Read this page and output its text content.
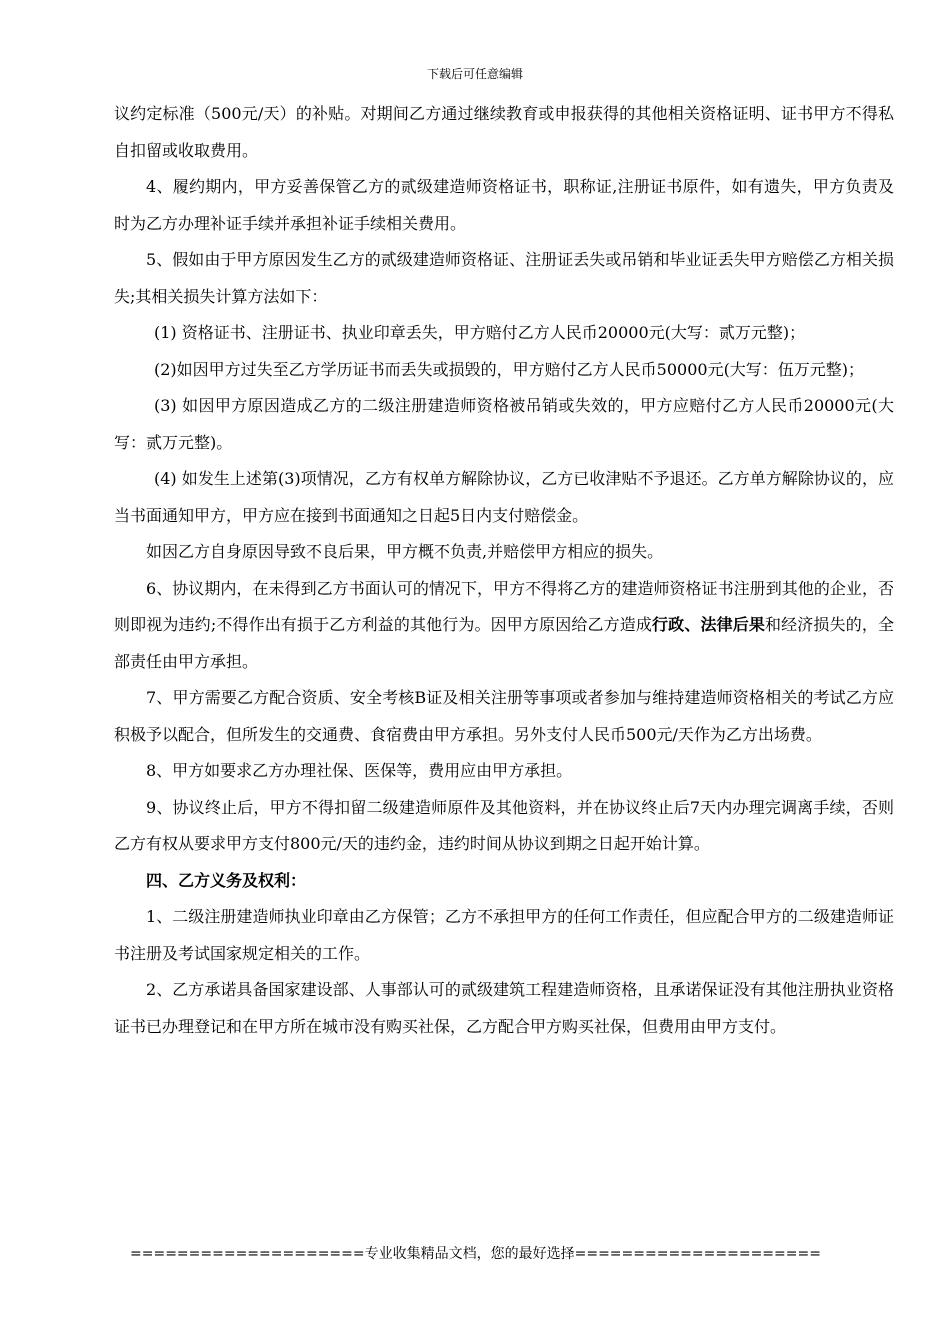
下载后可任意编辑

议约定标准（500元/天）的补贴。对期间乙方通过继续教育或申报获得的其他相关资格证明、证书甲方不得私自扣留或收取费用。

4、履约期内，甲方妥善保管乙方的贰级建造师资格证书，职称证,注册证书原件，如有遗失，甲方负责及时为乙方办理补证手续并承担补证手续相关费用。

5、假如由于甲方原因发生乙方的贰级建造师资格证、注册证丢失或吊销和毕业证丢失甲方赔偿乙方相关损失;其相关损失计算方法如下：

(1) 资格证书、注册证书、执业印章丢失，甲方赔付乙方人民币20000元(大写：贰万元整)；

(2)如因甲方过失至乙方学历证书而丢失或损毁的，甲方赔付乙方人民币50000元(大写：伍万元整)；

(3) 如因甲方原因造成乙方的二级注册建造师资格被吊销或失效的，甲方应赔付乙方人民币20000元(大写：贰万元整)。

(4) 如发生上述第(3)项情况，乙方有权单方解除协议，乙方已收津贴不予退还。乙方单方解除协议的，应当书面通知甲方，甲方应在接到书面通知之日起5日内支付赔偿金。

如因乙方自身原因导致不良后果，甲方概不负责,并赔偿甲方相应的损失。

6、协议期内，在未得到乙方书面认可的情况下，甲方不得将乙方的建造师资格证书注册到其他的企业，否则即视为违约;不得作出有损于乙方利益的其他行为。因甲方原因给乙方造成行政、法律后果和经济损失的，全部责任由甲方承担。

7、甲方需要乙方配合资质、安全考核B证及相关注册等事项或者参加与维持建造师资格相关的考试乙方应积极予以配合，但所发生的交通费、食宿费由甲方承担。另外支付人民币500元/天作为乙方出场费。

8、甲方如要求乙方办理社保、医保等，费用应由甲方承担。

9、协议终止后，甲方不得扣留二级建造师原件及其他资料，并在协议终止后7天内办理完调离手续，否则乙方有权从要求甲方支付800元/天的违约金，违约时间从协议到期之日起开始计算。

四、乙方义务及权利：

1、二级注册建造师执业印章由乙方保管；乙方不承担甲方的任何工作责任，但应配合甲方的二级建造师证书注册及考试国家规定相关的工作。

2、乙方承诺具备国家建设部、人事部认可的贰级建筑工程建造师资格，且承诺保证没有其他注册执业资格证书已办理登记和在甲方所在城市没有购买社保，乙方配合甲方购买社保，但费用由甲方支付。

====================专业收集精品文档，您的最好选择=====================
